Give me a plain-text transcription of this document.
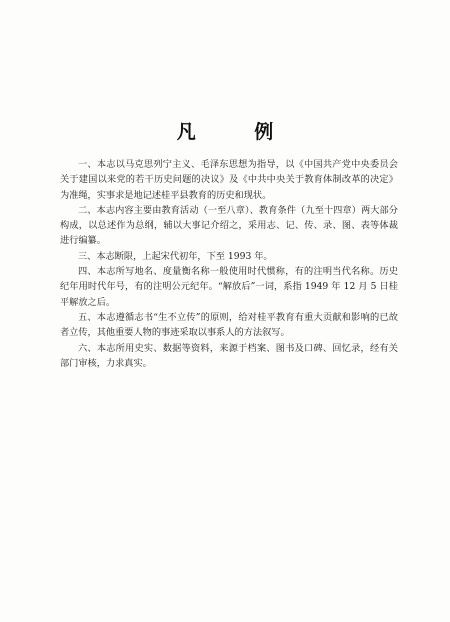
凡 例

一、本志以马克思列宁主义、毛泽东思想为指导，以《中国共产党中央委员会关于建国以来党的若干历史问题的决议》及《中共中央关于教育体制改革的决定》为准绳，实事求是地记述桂平县教育的历史和现状。

二、本志内容主要由教育活动（一至八章）、教育条件（九至十四章）两大部分构成，以总述作为总纲，辅以大事记介绍之，采用志、记、传、录、图、表等体裁进行编纂。

三、本志断限，上起宋代初年，下至 1993 年。

四、本志所写地名、度量衡名称一般使用时代惯称，有的注明当代名称。历史纪年用时代年号，有的注明公元纪年。“解放后”一词，系指 1949 年 12 月 5 日桂平解放之后。

五、本志遵循志书“生不立传”的原则，给对桂平教育有重大贡献和影响的已故者立传，其他重要人物的事迹采取以事系人的方法叙写。

六、本志所用史实、数据等资料，来源于档案、图书及口碑、回忆录，经有关部门审核，力求真实。
